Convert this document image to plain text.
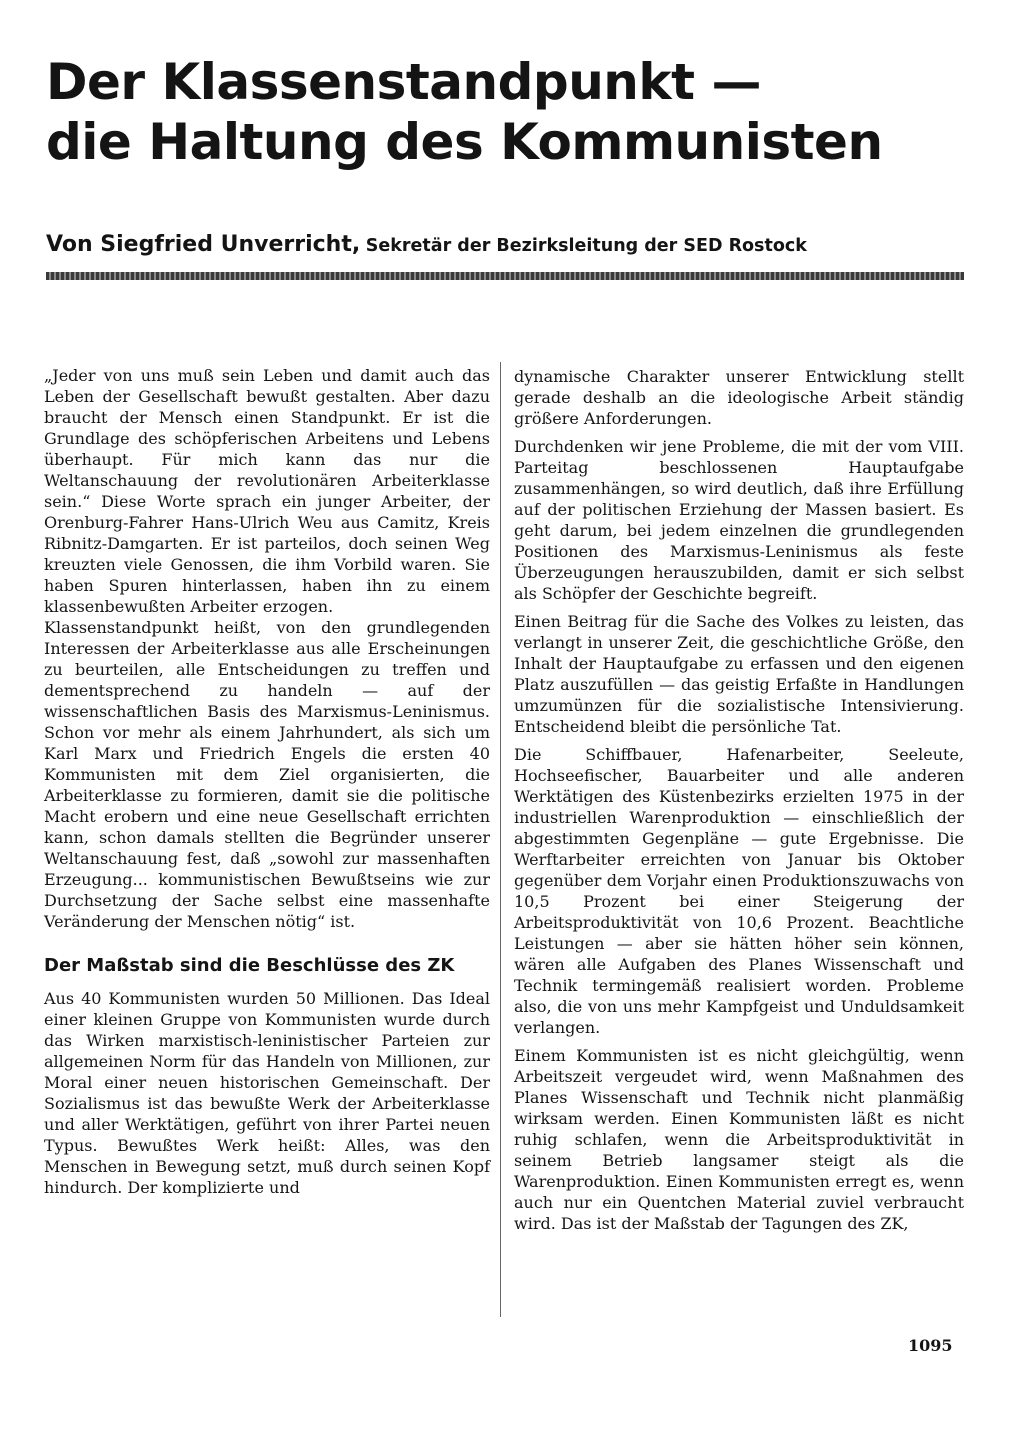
Der Klassenstandpunkt —
die Haltung des Kommunisten
Von Siegfried Unverricht, Sekretär der Bezirksleitung der SED Rostock

„Jeder von uns muß sein Leben und damit auch das Leben der Gesellschaft bewußt gestalten. Aber dazu braucht der Mensch einen Standpunkt. Er ist die Grundlage des schöpferischen Arbeitens und Lebens überhaupt. Für mich kann das nur die Weltanschauung der revolutionären Arbeiterklasse sein.“ Diese Worte sprach ein junger Arbeiter, der Orenburg-Fahrer Hans-Ulrich Weu aus Camitz, Kreis Ribnitz-Damgarten. Er ist parteilos, doch seinen Weg kreuzten viele Genossen, die ihm Vorbild waren. Sie haben Spuren hinterlassen, haben ihn zu einem klassenbewußten Arbeiter erzogen.

Klassenstandpunkt heißt, von den grundlegenden Interessen der Arbeiterklasse aus alle Erscheinungen zu beurteilen, alle Entscheidungen zu treffen und dementsprechend zu handeln — auf der wissenschaftlichen Basis des Marxismus-Leninismus. Schon vor mehr als einem Jahrhundert, als sich um Karl Marx und Friedrich Engels die ersten 40 Kommunisten mit dem Ziel organisierten, die Arbeiterklasse zu formieren, damit sie die politische Macht erobern und eine neue Gesellschaft errichten kann, schon damals stellten die Begründer unserer Weltanschauung fest, daß „sowohl zur massenhaften Erzeugung... kommunistischen Bewußtseins wie zur Durchsetzung der Sache selbst eine massenhafte Veränderung der Menschen nötig“ ist.

Der Maßstab sind die Beschlüsse des ZK

Aus 40 Kommunisten wurden 50 Millionen. Das Ideal einer kleinen Gruppe von Kommunisten wurde durch das Wirken marxistisch-leninistischer Parteien zur allgemeinen Norm für das Handeln von Millionen, zur Moral einer neuen historischen Gemeinschaft. Der Sozialismus ist das bewußte Werk der Arbeiterklasse und aller Werktätigen, geführt von ihrer Partei neuen Typus. Bewußtes Werk heißt: Alles, was den Menschen in Bewegung setzt, muß durch seinen Kopf hindurch. Der komplizierte und

dynamische Charakter unserer Entwicklung stellt gerade deshalb an die ideologische Arbeit ständig größere Anforderungen.

Durchdenken wir jene Probleme, die mit der vom VIII. Parteitag beschlossenen Hauptaufgabe zusammenhängen, so wird deutlich, daß ihre Erfüllung auf der politischen Erziehung der Massen basiert. Es geht darum, bei jedem einzelnen die grundlegenden Positionen des Marxismus-Leninismus als feste Überzeugungen herauszubilden, damit er sich selbst als Schöpfer der Geschichte begreift.

Einen Beitrag für die Sache des Volkes zu leisten, das verlangt in unserer Zeit, die geschichtliche Größe, den Inhalt der Hauptaufgabe zu erfassen und den eigenen Platz auszufüllen — das geistig Erfaßte in Handlungen umzumünzen für die sozialistische Intensivierung. Entscheidend bleibt die persönliche Tat.

Die Schiffbauer, Hafenarbeiter, Seeleute, Hochseefischer, Bauarbeiter und alle anderen Werktätigen des Küstenbezirks erzielten 1975 in der industriellen Warenproduktion — einschließlich der abgestimmten Gegenpläne — gute Ergebnisse. Die Werftarbeiter erreichten von Januar bis Oktober gegenüber dem Vorjahr einen Produktionszuwachs von 10,5 Prozent bei einer Steigerung der Arbeitsproduktivität von 10,6 Prozent. Beachtliche Leistungen — aber sie hätten höher sein können, wären alle Aufgaben des Planes Wissenschaft und Technik termingemäß realisiert worden. Probleme also, die von uns mehr Kampfgeist und Unduldsamkeit verlangen.

Einem Kommunisten ist es nicht gleichgültig, wenn Arbeitszeit vergeudet wird, wenn Maßnahmen des Planes Wissenschaft und Technik nicht planmäßig wirksam werden. Einen Kommunisten läßt es nicht ruhig schlafen, wenn die Arbeitsproduktivität in seinem Betrieb langsamer steigt als die Warenproduktion. Einen Kommunisten erregt es, wenn auch nur ein Quentchen Material zuviel verbraucht wird. Das ist der Maßstab der Tagungen des ZK,

1095
